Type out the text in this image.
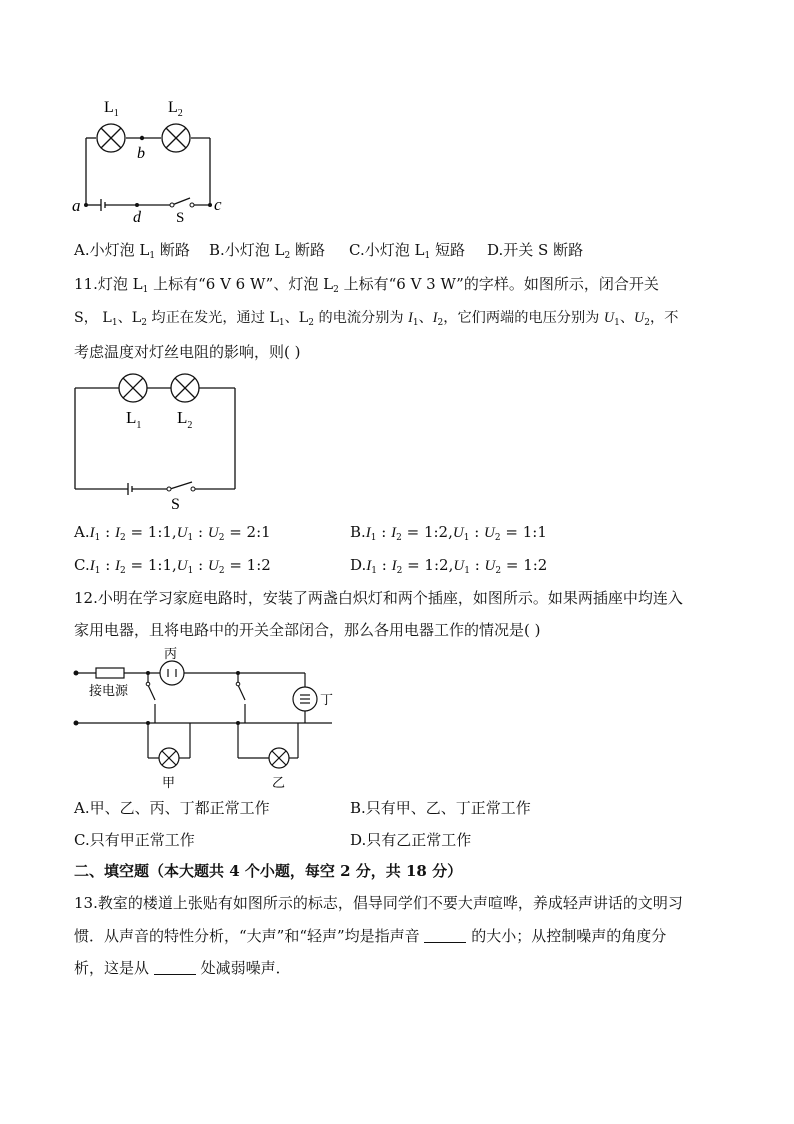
$L_1$	$L_2$
b
a	c
d S
A.小灯泡 $L_1$ 断路 B.小灯泡 $L_2$ 断路 C.小灯泡 $L_1$ 短路 D.开关 S 断路
11.灯泡 $L_1$ 上标有“6 V 6 W”、灯泡 $L_2$ 上标有“6 V 3 W”的字样。如图所示，闭合开关
S， $L_1$、$L_2$ 均正在发光，通过 $L_1$、$L_2$ 的电流分别为 $I_1$、$I_2$，它们两端的电压分别为 $U_1$、$U_2$，不
考虑温度对灯丝电阻的影响，则( )
$L_1$ $L_2$
S
$A.I_1$ : $I_2$ = $1:1,U_1$ : $U_2$ = 2:1	$B.I_1$ : $I_2$ = $1:2,U_1$ : $U_2$ = 1:1
$C.I_1$ : $I_2$ = $1:1,U_1$ : $U_2$ = 1:2	$D.I_1$ : $I_2$ = $1:2,U_1$ : $U_2$ = 1:2
12.小明在学习家庭电路时，安装了两盏白炽灯和两个插座，如图所示。如果两插座中均连入
家用电器，且将电路中的开关全部闭合，那么各用电器工作的情况是( )
接电源
丙
丁
甲	乙
A.甲、乙、丙、丁都正常工作	B.只有甲、乙、丁正常工作
C.只有甲正常工作	D.只有乙正常工作
二、填空题（本大题共 4 个小题，每空 2 分，共 18 分）
13.教室的楼道上张贴有如图所示的标志，倡导同学们不要大声喧哗，养成轻声讲话的文明习
惯．从声音的特性分析，“大声”和“轻声”均是指声音	的大小；从控制噪声的角度分
析，这是从	处减弱噪声．
